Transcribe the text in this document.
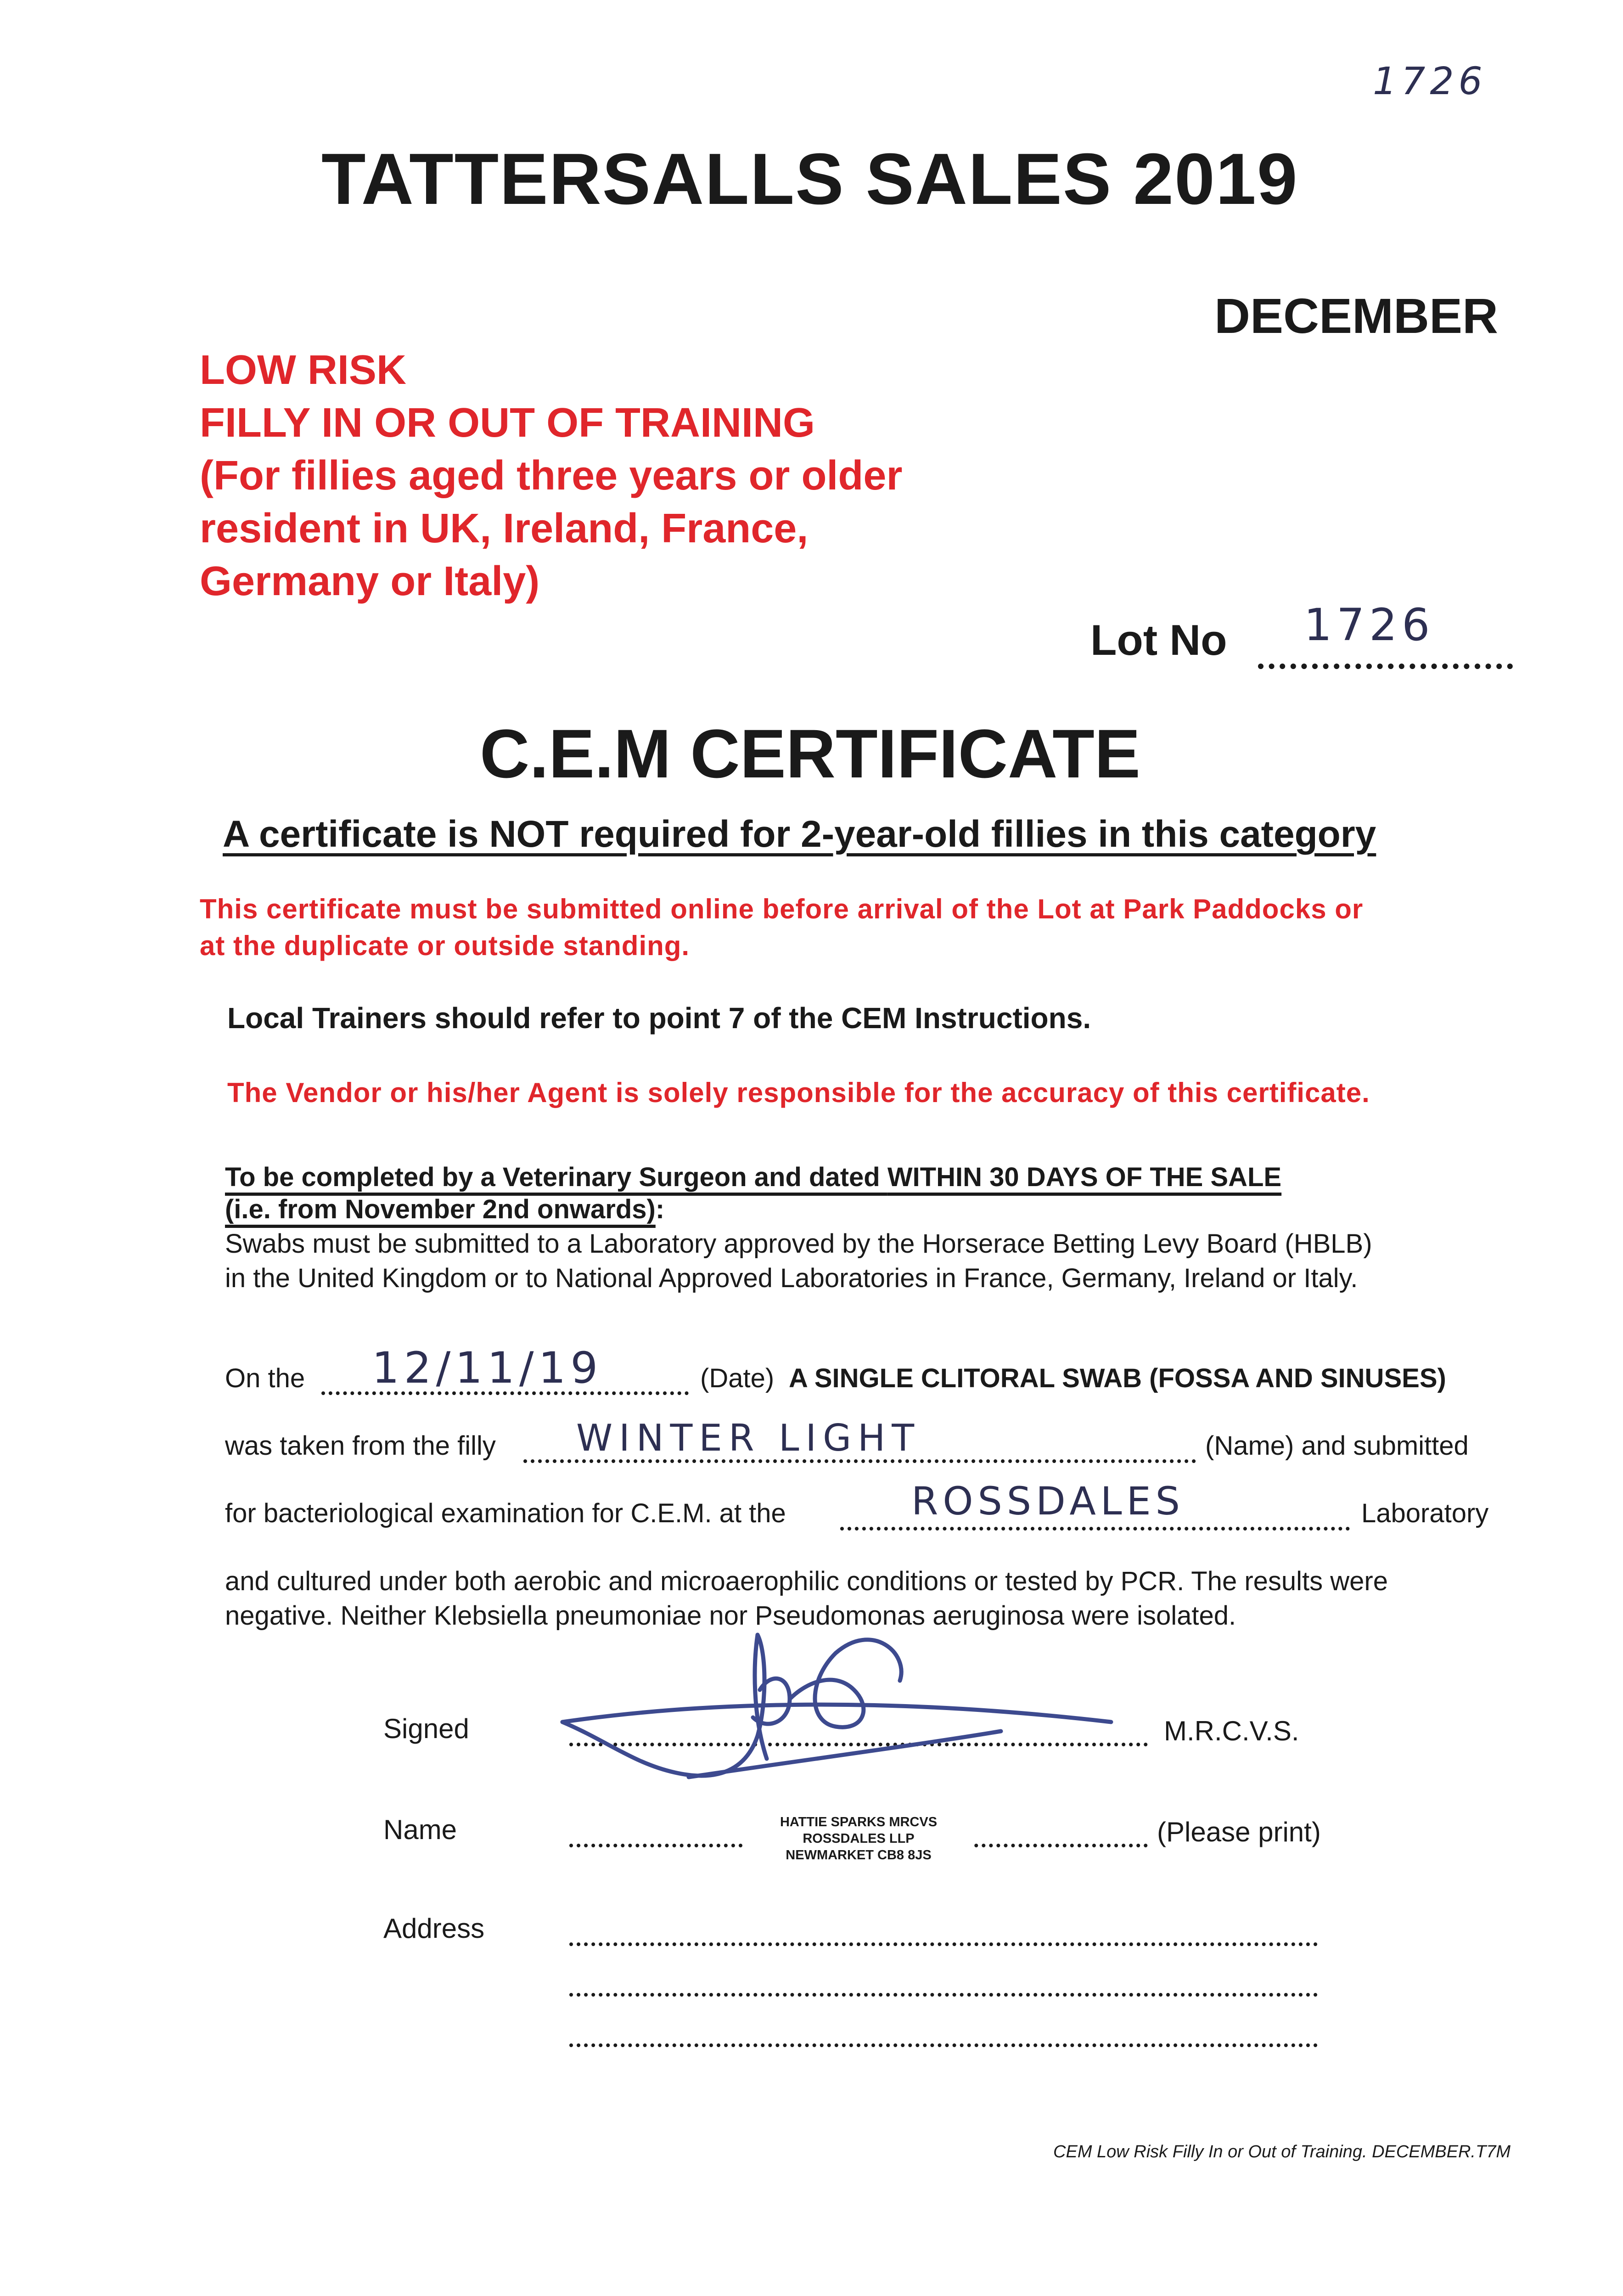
1726
TATTERSALLS SALES 2019
DECEMBER
LOW RISK
FILLY IN OR OUT OF TRAINING
(For fillies aged three years or older
resident in UK, Ireland, France,
Germany or Italy)
Lot No 1726
C.E.M CERTIFICATE
A certificate is NOT required for 2-year-old fillies in this category
This certificate must be submitted online before arrival of the Lot at Park Paddocks or
at the duplicate or outside standing.
Local Trainers should refer to point 7 of the CEM Instructions.
The Vendor or his/her Agent is solely responsible for the accuracy of this certificate.
To be completed by a Veterinary Surgeon and dated WITHIN 30 DAYS OF THE SALE
(i.e. from November 2nd onwards):
Swabs must be submitted to a Laboratory approved by the Horserace Betting Levy Board (HBLB)
in the United Kingdom or to National Approved Laboratories in France, Germany, Ireland or Italy.
On the 12/11/19	(Date) A SINGLE CLITORAL SWAB (FOSSA AND SINUSES)
was taken from the filly WINTER LIGHT	(Name) and submitted
for bacteriological examination for C.E.M. at the	ROSSDALES	Laboratory
and cultured under both aerobic and microaerophilic conditions or tested by PCR. The results were
negative. Neither Klebsiella pneumoniae nor Pseudomonas aeruginosa were isolated.
Signed	M.R.C.V.S.
Name	(Please print)
HATTIE SPARKS MRCVS
ROSSDALES LLP
NEWMARKET CB8 8JS
Address
CEM Low Risk Filly In or Out of Training. DECEMBER.T7M
